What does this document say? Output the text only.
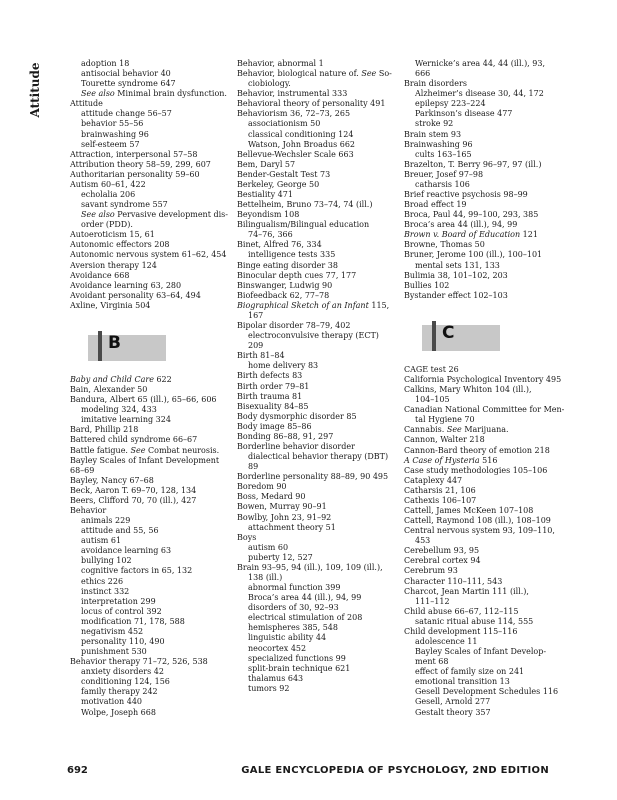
Attitude	adoption 18
antisocial behavior 40
Tourette syndrome 647
See also Minimal brain dysfunction.
Attitude
attitude change 56–57
behavior 55–56
brainwashing 96
self-esteem 57
Attraction, interpersonal 57–58
Attribution theory 58–59, 299, 607
Authoritarian personality 59–60
Autism 60–61, 422
echolalia 206
savant syndrome 557
See also Pervasive development dis-
order (PDD).
Autoeroticism 15, 61
Autonomic effectors 208
Autonomic nervous system 61–62, 454
Aversion therapy 124
Avoidance 668
Avoidance learning 63, 280
Avoidant personality 63–64, 494
Axline, Virginia 504
B
Baby and Child Care 622
Bain, Alexander 50
Bandura, Albert 65 (ill.), 65–66, 606
modeling 324, 433
imitative learning 324
Bard, Phillip 218
Battered child syndrome 66–67
Battle fatigue. See Combat neurosis.
Bayley Scales of Infant Development
68–69
Bayley, Nancy 67–68
Beck, Aaron T. 69–70, 128, 134
Beers, Clifford 70, 70 (ill.), 427
Behavior
animals 229
attitude and 55, 56
autism 61
avoidance learning 63
bullying 102
cognitive factors in 65, 132
ethics 226
instinct 332
interpretation 299
locus of control 392
modification 71, 178, 588
negativism 452
personality 110, 490
punishment 530
Behavior therapy 71–72, 526, 538
anxiety disorders 42
conditioning 124, 156
family therapy 242
motivation 440
Wolpe, Joseph 668
Behavior, abnormal 1
Behavior, biological nature of. See So-
ciobiology.
Behavior, instrumental 333
Behavioral theory of personality 491
Behaviorism 36, 72–73, 265
associationism 50
classical conditioning 124
Watson, John Broadus 662
Bellevue-Wechsler Scale 663
Bem, Daryl 57
Bender-Gestalt Test 73
Berkeley, George 50
Bestiality 471
Bettelheim, Bruno 73–74, 74 (ill.)
Beyondism 108
Bilingualism/Bilingual education
74–76, 366
Binet, Alfred 76, 334
intelligence tests 335
Binge eating disorder 38
Binocular depth cues 77, 177
Binswanger, Ludwig 90
Biofeedback 62, 77–78
Biographical Sketch of an Infant 115,
167
Bipolar disorder 78–79, 402
electroconvulsive therapy (ECT)
209
Birth 81–84
home delivery 83
Birth defects 83
Birth order 79–81
Birth trauma 81
Bisexuality 84–85
Body dysmorphic disorder 85
Body image 85–86
Bonding 86–88, 91, 297
Borderline behavior disorder
dialectical behavior therapy (DBT)
89
Borderline personality 88–89, 90 495
Boredom 90
Boss, Medard 90
Bowen, Murray 90–91
Bowlby, John 23, 91–92
attachment theory 51
Boys
autism 60
puberty 12, 527
Brain 93–95, 94 (ill.), 109, 109 (ill.),
138 (ill.)
abnormal function 399
Broca’s area 44 (ill.), 94, 99
disorders of 30, 92–93
electrical stimulation of 208
hemispheres 385, 548
linguistic ability 44
neocortex 452
specialized functions 99
split-brain technique 621
thalamus 643
tumors 92
Wernicke’s area 44, 44 (ill.), 93,
666
Brain disorders
Alzheimer’s disease 30, 44, 172
epilepsy 223–224
Parkinson’s disease 477
stroke 92
Brain stem 93
Brainwashing 96
cults 163–165
Brazelton, T. Berry 96–97, 97 (ill.)
Breuer, Josef 97–98
catharsis 106
Brief reactive psychosis 98–99
Broad effect 19
Broca, Paul 44, 99–100, 293, 385
Broca’s area 44 (ill.), 94, 99
Brown v. Board of Education 121
Browne, Thomas 50
Bruner, Jerome 100 (ill.), 100–101
mental sets 131, 133
Bulimia 38, 101–102, 203
Bullies 102
Bystander effect 102–103
C
CAGE test 26
California Psychological Inventory 495
Calkins, Mary Whiton 104 (ill.),
104–105
Canadian National Committee for Men-
tal Hygiene 70
Cannabis. See Marijuana.
Cannon, Walter 218
Cannon-Bard theory of emotion 218
A Case of Hysteria 516
Case study methodologies 105–106
Cataplexy 447
Catharsis 21, 106
Cathexis 106–107
Cattell, James McKeen 107–108
Cattell, Raymond 108 (ill.), 108–109
Central nervous system 93, 109–110,
453
Cerebellum 93, 95
Cerebral cortex 94
Cerebrum 93
Character 110–111, 543
Charcot, Jean Martin 111 (ill.),
111–112
Child abuse 66–67, 112–115
satanic ritual abuse 114, 555
Child development 115–116
adolescence 11
Bayley Scales of Infant Develop-
ment 68
effect of family size on 241
emotional transition 13
Gesell Development Schedules 116
Gesell, Arnold 277
Gestalt theory 357
692	GALE ENCYCLOPEDIA OF PSYCHOLOGY, 2ND EDITION
